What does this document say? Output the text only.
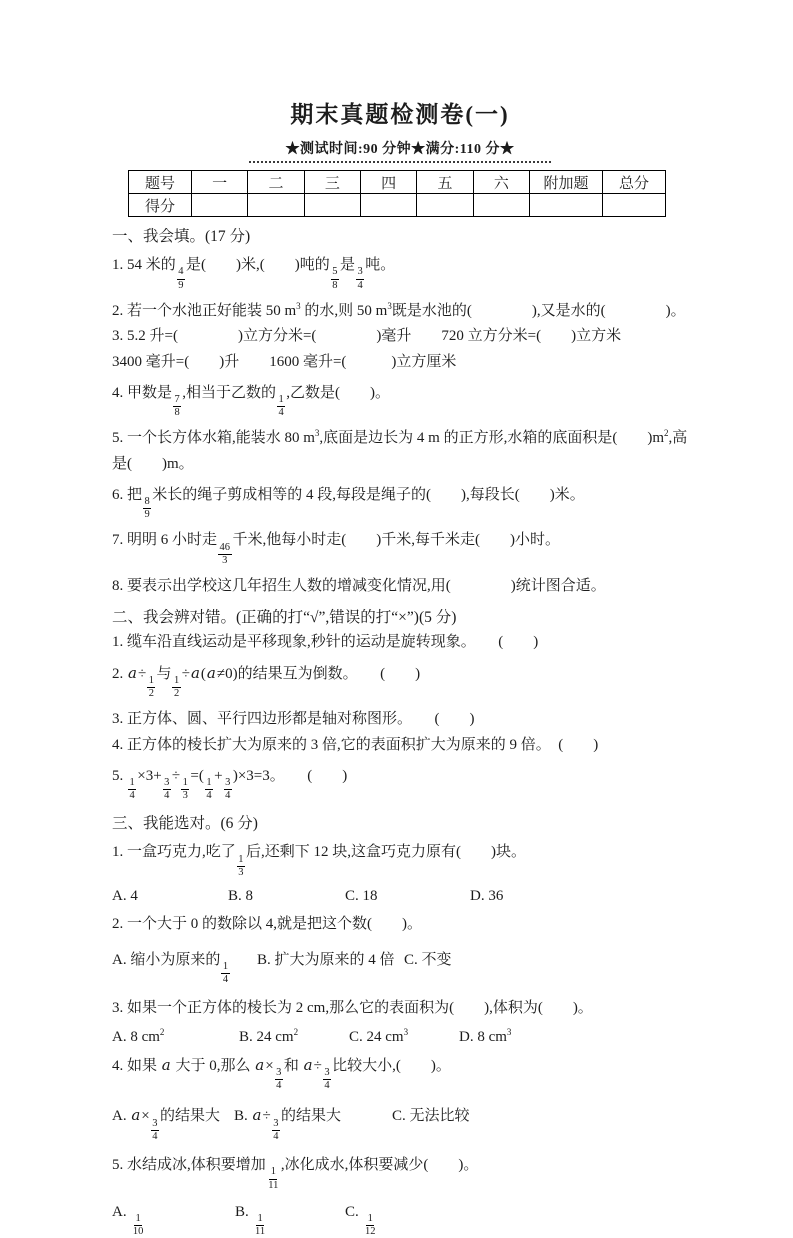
期末真题检测卷(一)
★测试时间:90 分钟★满分:110 分★
题号	一	二	三	四	五	六	附加题	总分
得分								
一、我会填。(17 分)
1. 54 米的
$\frac{4}{9}$
是(　　)米,(　　)吨的
$\frac{5}{8}$
是
$\frac{3}{4}$
吨。
2. 若一个水池正好能装 50 $m^3$ 的水,则 50 $m^3$既是水池的(　　　　),又是水的(　　　　)。
3. 5.2 升=(　　　　)立方分米=(　　　　)毫升　　720 立方分米=(　　)立方米
3400 毫升=(　　)升　　1600 毫升=(　　　)立方厘米
4. 甲数是
$\frac{7}{8}$
,相当于乙数的
$\frac{1}{4}$
,乙数是(　　)。
5. 一个长方体水箱,能装水 80 $m^3$,底面是边长为 4 m 的正方形,水箱的底面积是(　　)$m^2$,高
是(　　)m。
6. 把
$\frac{8}{9}$
米长的绳子剪成相等的 4 段,每段是绳子的(　　),每段长(　　)米。
7. 明明 6 小时走
$\frac{46}{3}$
千米,他每小时走(　　)千米,每千米走(　　)小时。
8. 要表示出学校这几年招生人数的增减变化情况,用(　　　　)统计图合适。
二、我会辨对错。(正确的打“√”,错误的打“×”)(5 分)
1. 缆车沿直线运动是平移现象,秒针的运动是旋转现象。　　(　　)
2. a÷
$\frac{1}{2}$
与
$\frac{1}{2}$
÷a(a≠0)的结果互为倒数。　　(　　)
3. 正方体、圆、平行四边形都是轴对称图形。　　(　　)
4. 正方体的棱长扩大为原来的 3 倍,它的表面积扩大为原来的 9 倍。　(　　)
5.
$\frac{1}{4}$
×3+
$\frac{3}{4}$
÷
$\frac{1}{3}$
=(
$\frac{1}{4}$
+
$\frac{3}{4}$
)×3=3。　　(　　)
三、我能选对。(6 分)
1. 一盒巧克力,吃了
$\frac{1}{3}$
后,还剩下 12 块,这盒巧克力原有(　　)块。
A. 4	B. 8	C. 18	D. 36
2. 一个大于 0 的数除以 4,就是把这个数(　　)。
A. 缩小为原来的
$\frac{1}{4}$
B. 扩大为原来的 4 倍 C. 不变
3. 如果一个正方体的棱长为 2 cm,那么它的表面积为(　　),体积为(　　)。
A. 8 $cm^2$	B. 24 $cm^2$	C. 24 $cm^3$	D. 8 $cm^3$
4. 如果 a 大于 0,那么 a×
$\frac{3}{4}$
和 a÷
$\frac{3}{4}$
比较大小,(　　)。
A. a×
$\frac{3}{4}$
的结果大 B. a÷
$\frac{3}{4}$
的结果大	C. 无法比较
5. 水结成冰,体积要增加
$\frac{1}{11}$
,冰化成水,体积要减少(　　)。
A.
$\frac{1}{10}$
B.
$\frac{1}{11}$
C.
$\frac{1}{12}$
